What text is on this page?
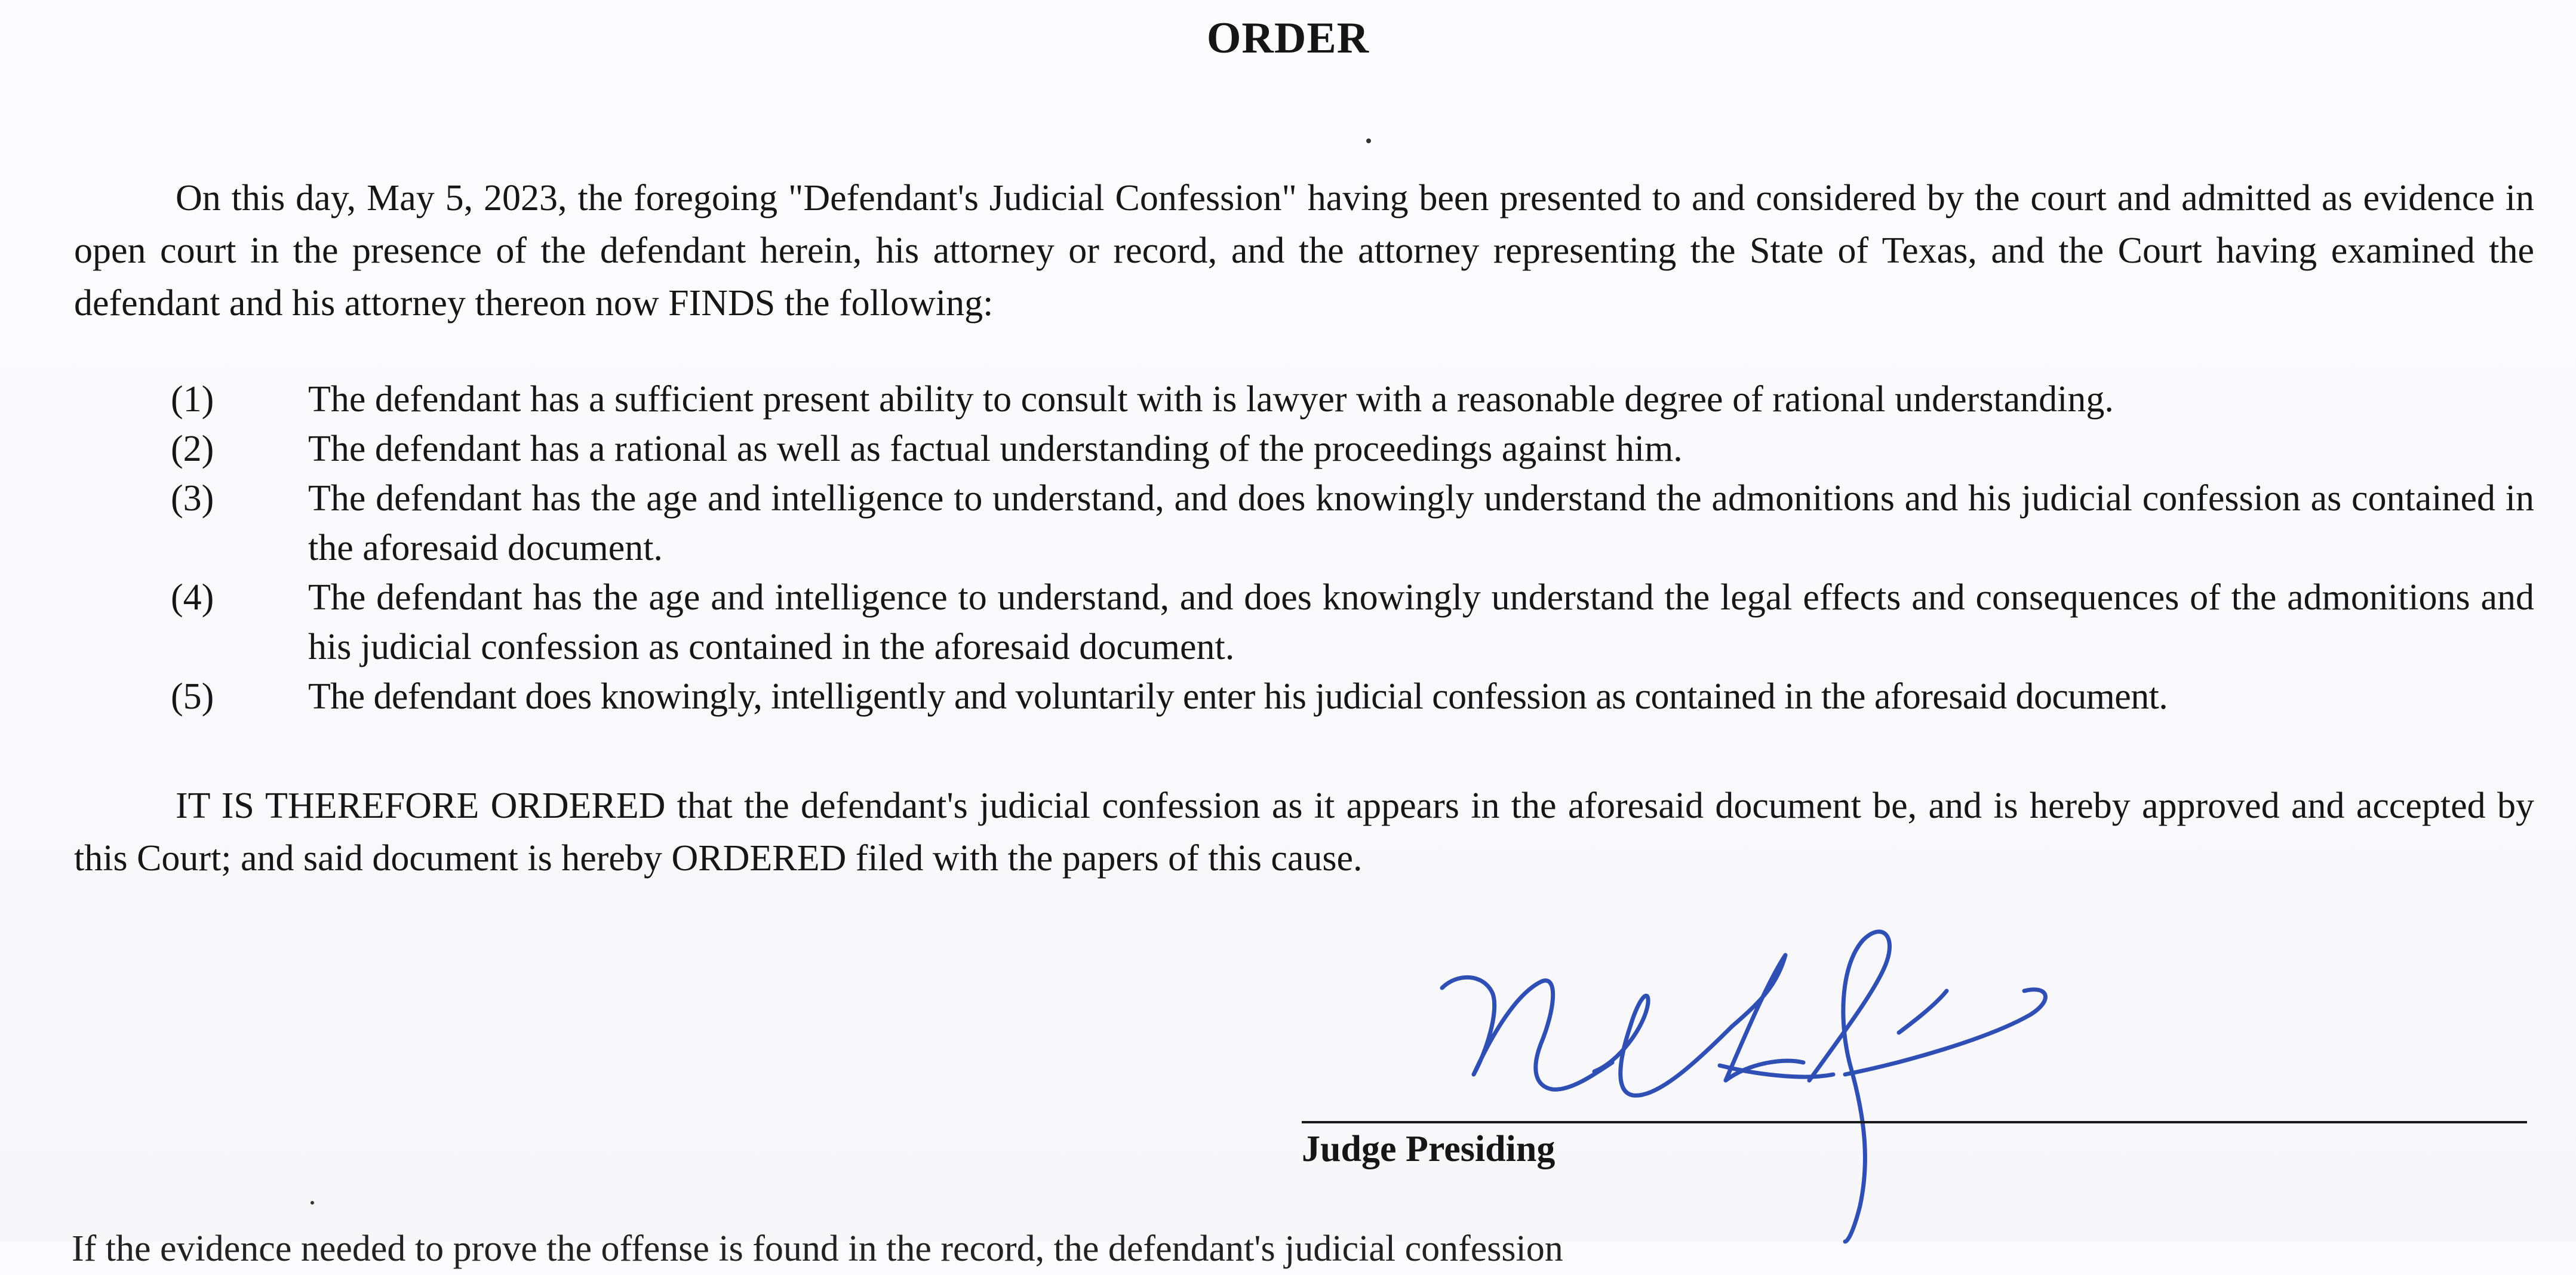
ORDER
On this day, May 5, 2023, the foregoing "Defendant's Judicial Confession" having been presented to and considered by the court and admitted as evidence in open court in the presence of the defendant herein, his attorney or record, and the attorney representing the State of Texas, and the Court having examined the defendant and his attorney thereon now FINDS the following:
(1)	The defendant has a sufficient present ability to consult with is lawyer with a reasonable degree of rational understanding.
(2)	The defendant has a rational as well as factual understanding of the proceedings against him.
(3)	The defendant has the age and intelligence to understand, and does knowingly understand the admonitions and his judicial confession as contained in the aforesaid document.
(4)	The defendant has the age and intelligence to understand, and does knowingly understand the legal effects and consequences of the admonitions and his judicial confession as contained in the aforesaid document.
(5)	The defendant does knowingly, intelligently and voluntarily enter his judicial confession as contained in the aforesaid document.
IT IS THEREFORE ORDERED that the defendant's judicial confession as it appears in the aforesaid document be, and is hereby approved and accepted by this Court; and said document is hereby ORDERED filed with the papers of this cause.
Judge Presiding
If the evidence needed to prove the offense is found in the record, the defendant's judicial confession
